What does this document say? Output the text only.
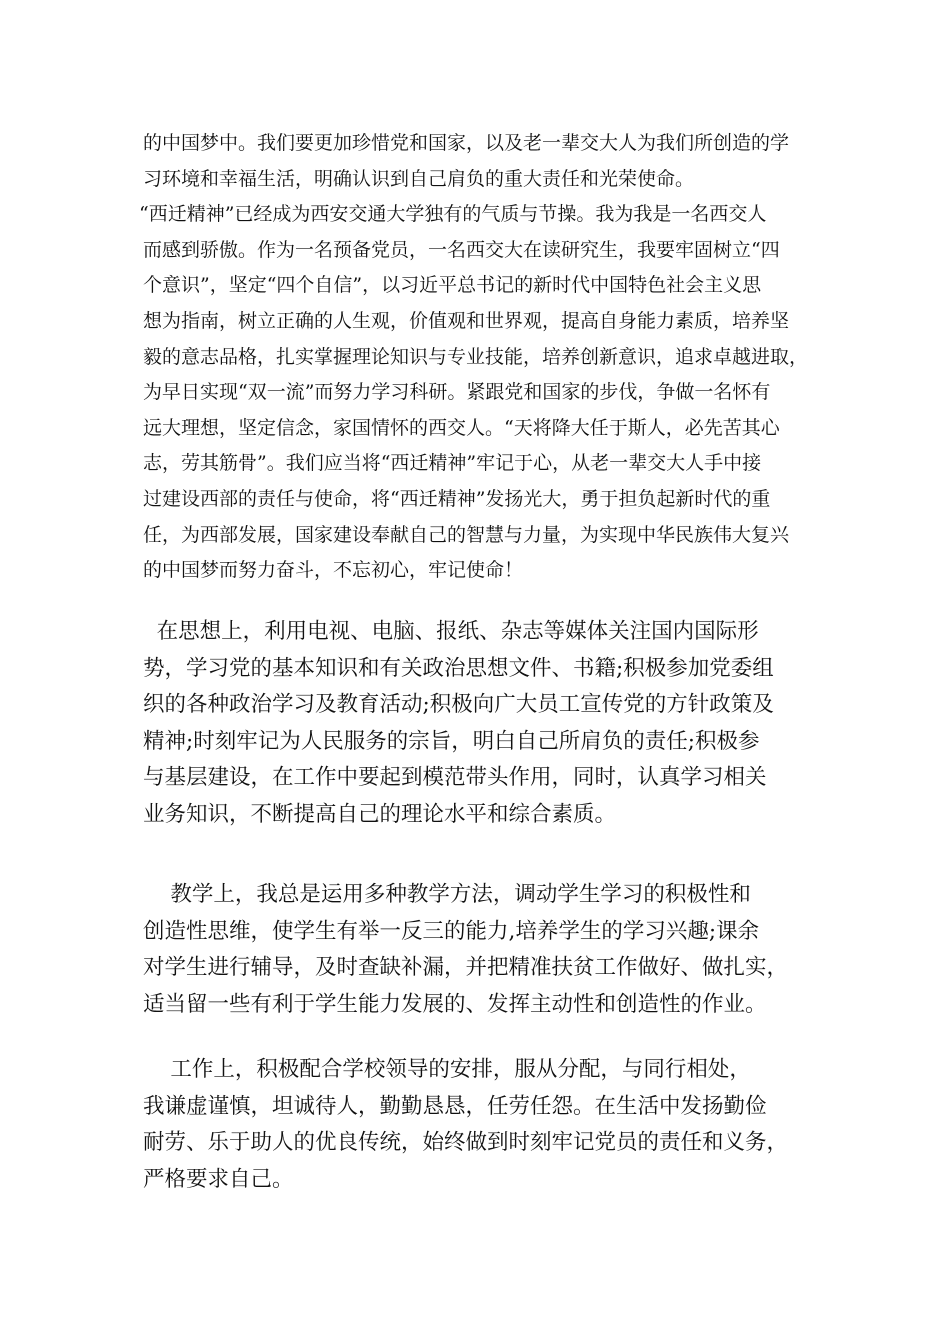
的中国梦中。我们要更加珍惜党和国家，以及老一辈交大人为我们所创造的学
习环境和幸福生活，明确认识到自己肩负的重大责任和光荣使命。
“西迁精神”已经成为西安交通大学独有的气质与节操。我为我是一名西交人
而感到骄傲。作为一名预备党员，一名西交大在读研究生，我要牢固树立“四
个意识”，坚定“四个自信”，以习近平总书记的新时代中国特色社会主义思
想为指南，树立正确的人生观，价值观和世界观，提高自身能力素质，培养坚
毅的意志品格，扎实掌握理论知识与专业技能，培养创新意识，追求卓越进取，
为早日实现“双一流”而努力学习科研。紧跟党和国家的步伐，争做一名怀有
远大理想，坚定信念，家国情怀的西交人。“天将降大任于斯人，必先苦其心
志，劳其筋骨”。我们应当将“西迁精神”牢记于心，从老一辈交大人手中接
过建设西部的责任与使命，将“西迁精神”发扬光大，勇于担负起新时代的重
任，为西部发展，国家建设奉献自己的智慧与力量，为实现中华民族伟大复兴
的中国梦而努力奋斗，不忘初心，牢记使命！
在思想上，利用电视、电脑、报纸、杂志等媒体关注国内国际形
势，学习党的基本知识和有关政治思想文件、书籍;积极参加党委组
织的各种政治学习及教育活动;积极向广大员工宣传党的方针政策及
精神;时刻牢记为人民服务的宗旨，明白自己所肩负的责任;积极参
与基层建设，在工作中要起到模范带头作用，同时，认真学习相关
业务知识，不断提高自己的理论水平和综合素质。
教学上，我总是运用多种教学方法，调动学生学习的积极性和
创造性思维，使学生有举一反三的能力,培养学生的学习兴趣;课余
对学生进行辅导，及时查缺补漏，并把精准扶贫工作做好、做扎实，
适当留一些有利于学生能力发展的、发挥主动性和创造性的作业。
工作上，积极配合学校领导的安排，服从分配，与同行相处，
我谦虚谨慎，坦诚待人，勤勤恳恳，任劳任怨。在生活中发扬勤俭
耐劳、乐于助人的优良传统，始终做到时刻牢记党员的责任和义务，
严格要求自己。
